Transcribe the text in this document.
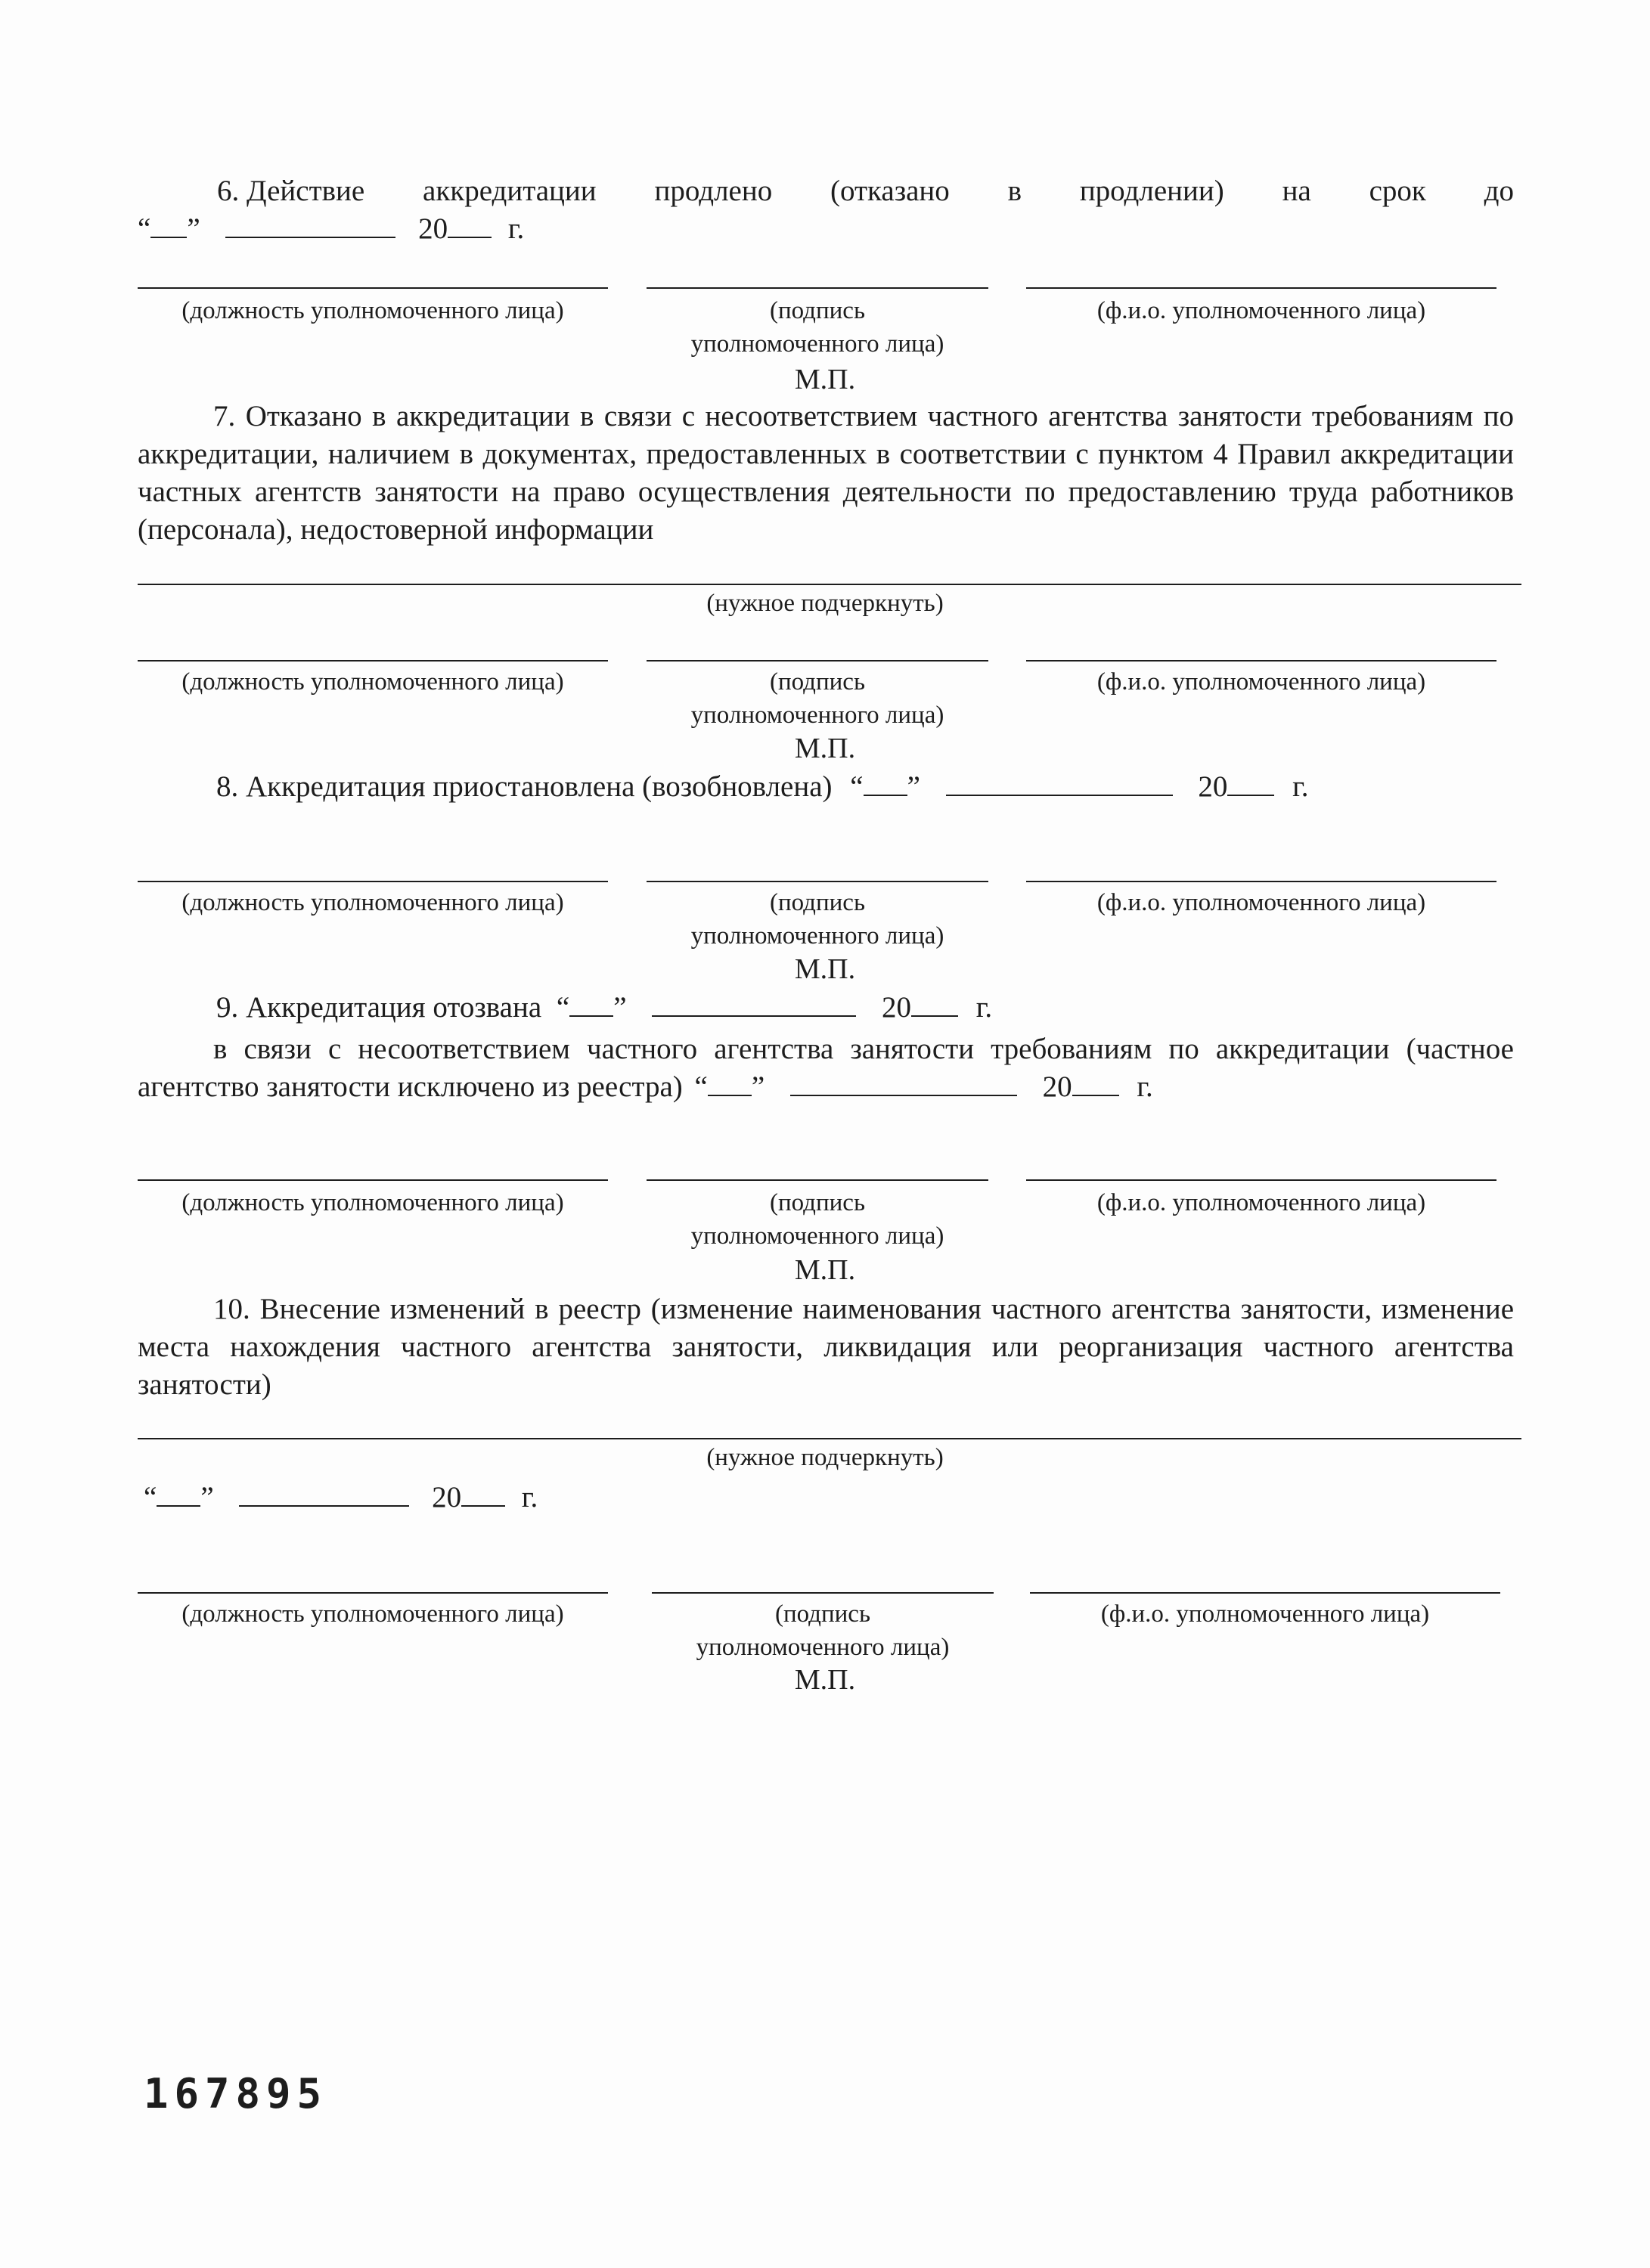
6. Действие аккредитации продлено (отказано в продлении) на срок до
“ ”	20 г.
(должность уполномоченного лица)	(подпись
уполномоченного лица)
(ф.и.о. уполномоченного лица)
М.П.
7. Отказано в аккредитации в связи с несоответствием частного агентства занятости требованиям по аккредитации, наличием в документах, предоставленных в соответствии с пунктом 4 Правил аккредитации частных агентств занятости на право осуществления деятельности по предоставлению труда работников (персонала), недостоверной информации
(нужное подчеркнуть)
(должность уполномоченного лица)	(подпись
уполномоченного лица)
(ф.и.о. уполномоченного лица)
М.П.
8. Аккредитация приостановлена (возобновлена) “ ”	20 г.
(должность уполномоченного лица)	(подпись
уполномоченного лица)
(ф.и.о. уполномоченного лица)
М.П.
9. Аккредитация отозвана “ ”	20 г.
в связи с несоответствием частного агентства занятости требованиям по аккредитации (частное агентство занятости исключено из реестра) “ ”	20 г.
(должность уполномоченного лица)	(подпись
уполномоченного лица)
(ф.и.о. уполномоченного лица)
М.П.
10. Внесение изменений в реестр (изменение наименования частного агентства занятости, изменение места нахождения частного агентства занятости, ликвидация или реорганизация частного агентства занятости)
(нужное подчеркнуть)
“ ”	20 г.
(должность уполномоченного лица)	(подпись
уполномоченного лица)
(ф.и.о. уполномоченного лица)
М.П.
167895
